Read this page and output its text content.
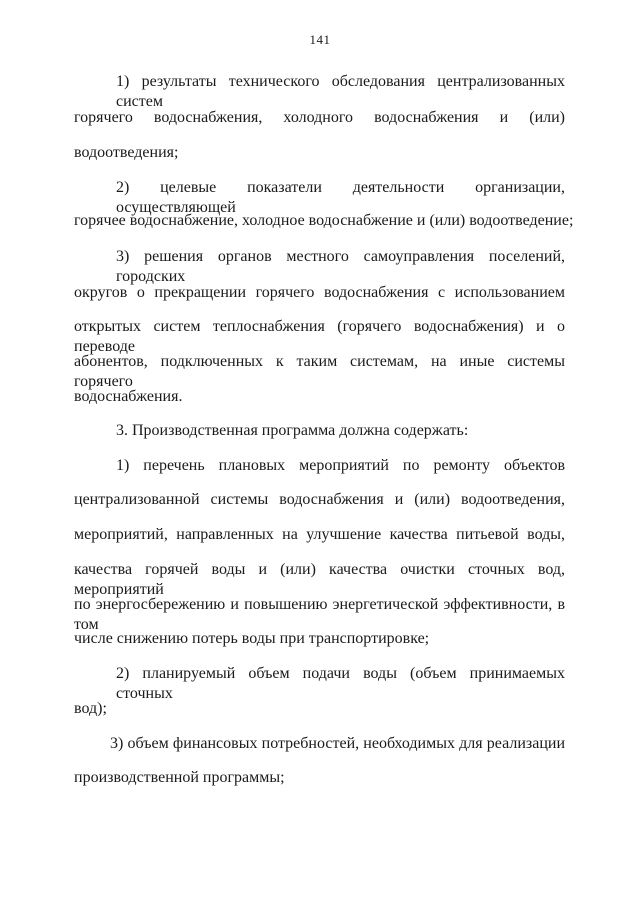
141
1) результаты технического обследования централизованных систем
горячего водоснабжения, холодного водоснабжения и (или)
водоотведения;
2) целевые показатели деятельности организации, осуществляющей
горячее водоснабжение, холодное водоснабжение и (или) водоотведение;
3) решения органов местного самоуправления поселений, городских
округов о прекращении горячего водоснабжения с использованием
открытых систем теплоснабжения (горячего водоснабжения) и о переводе
абонентов, подключенных к таким системам, на иные системы горячего
водоснабжения.
3. Производственная программа должна содержать:
1) перечень плановых мероприятий по ремонту объектов
централизованной системы водоснабжения и (или) водоотведения,
мероприятий, направленных на улучшение качества питьевой воды,
качества горячей воды и (или) качества очистки сточных вод, мероприятий
по энергосбережению и повышению энергетической эффективности, в том
числе снижению потерь воды при транспортировке;
2) планируемый объем подачи воды (объем принимаемых сточных
вод);
3) объем финансовых потребностей, необходимых для реализации
производственной программы;
